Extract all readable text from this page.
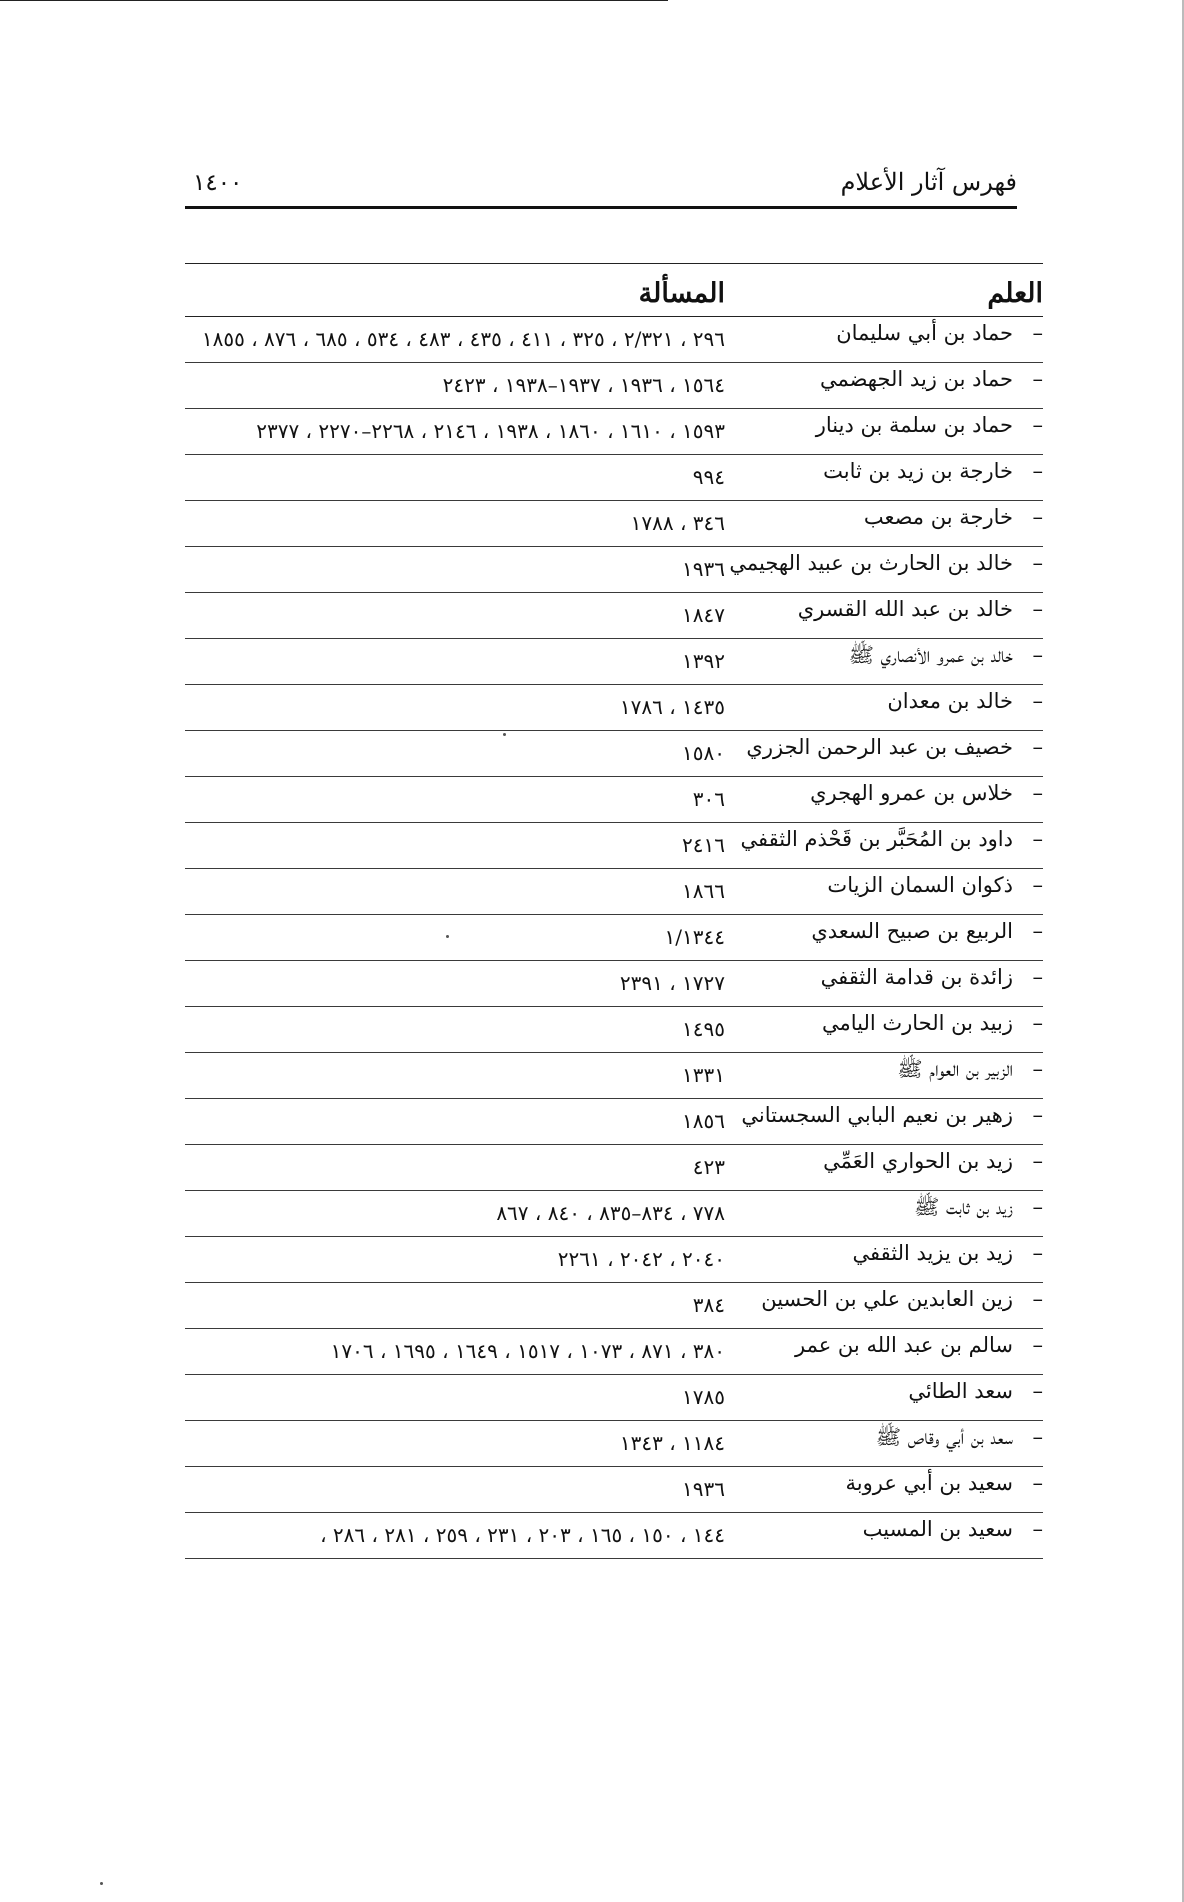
فهرس آثار الأعلام
١٤٠٠
العلم	المسألة
–حماد بن أبي سليمان	٢٩٦ ، ٢/٣٢١ ، ٣٢٥ ، ٤١١ ، ٤٣٥ ، ٤٨٣ ، ٥٣٤ ، ٦٨٥ ، ٨٧٦ ، ١٨٥٥
–حماد بن زيد الجهضمي	١٥٦٤ ، ١٩٣٦ ، ١٩٣٧–١٩٣٨ ، ٢٤٢٣
–حماد بن سلمة بن دينار	١٥٩٣ ، ١٦١٠ ، ١٨٦٠ ، ١٩٣٨ ، ٢١٤٦ ، ٢٢٦٨–٢٢٧٠ ، ٢٣٧٧
–خارجة بن زيد بن ثابت	٩٩٤
–خارجة بن مصعب	٣٤٦ ، ١٧٨٨
–خالد بن الحارث بن عبيد الهجيمي	١٩٣٦
–خالد بن عبد الله القسري	١٨٤٧
–خالد بن عمرو الأنصاري ﷺ	١٣٩٢
–خالد بن معدان	١٤٣٥ ، ١٧٨٦
–خصيف بن عبد الرحمن الجزري	١٥٨٠
–خلاس بن عمرو الهجري	٣٠٦
–داود بن المُحَبَّر بن قَحْذم الثقفي	٢٤١٦
–ذكوان السمان الزيات	١٨٦٦
–الربيع بن صبيح السعدي	١/١٣٤٤
–زائدة بن قدامة الثقفي	١٧٢٧ ، ٢٣٩١
–زبيد بن الحارث اليامي	١٤٩٥
–الزبير بن العوام ﷺ	١٣٣١
–زهير بن نعيم البابي السجستاني	١٨٥٦
–زيد بن الحواري العَمِّي	٤٢٣
–زيد بن ثابت ﷺ	٧٧٨ ، ٨٣٤–٨٣٥ ، ٨٤٠ ، ٨٦٧
–زيد بن يزيد الثقفي	٢٠٤٠ ، ٢٠٤٢ ، ٢٢٦١
–زين العابدين علي بن الحسين	٣٨٤
–سالم بن عبد الله بن عمر	٣٨٠ ، ٨٧١ ، ١٠٧٣ ، ١٥١٧ ، ١٦٤٩ ، ١٦٩٥ ، ١٧٠٦
–سعد الطائي	١٧٨٥
–سعد بن أبي وقاص ﷺ	١١٨٤ ، ١٣٤٣
–سعيد بن أبي عروبة	١٩٣٦
–سعيد بن المسيب	١٤٤ ، ١٥٠ ، ١٦٥ ، ٢٠٣ ، ٢٣١ ، ٢٥٩ ، ٢٨١ ، ٢٨٦ ،
